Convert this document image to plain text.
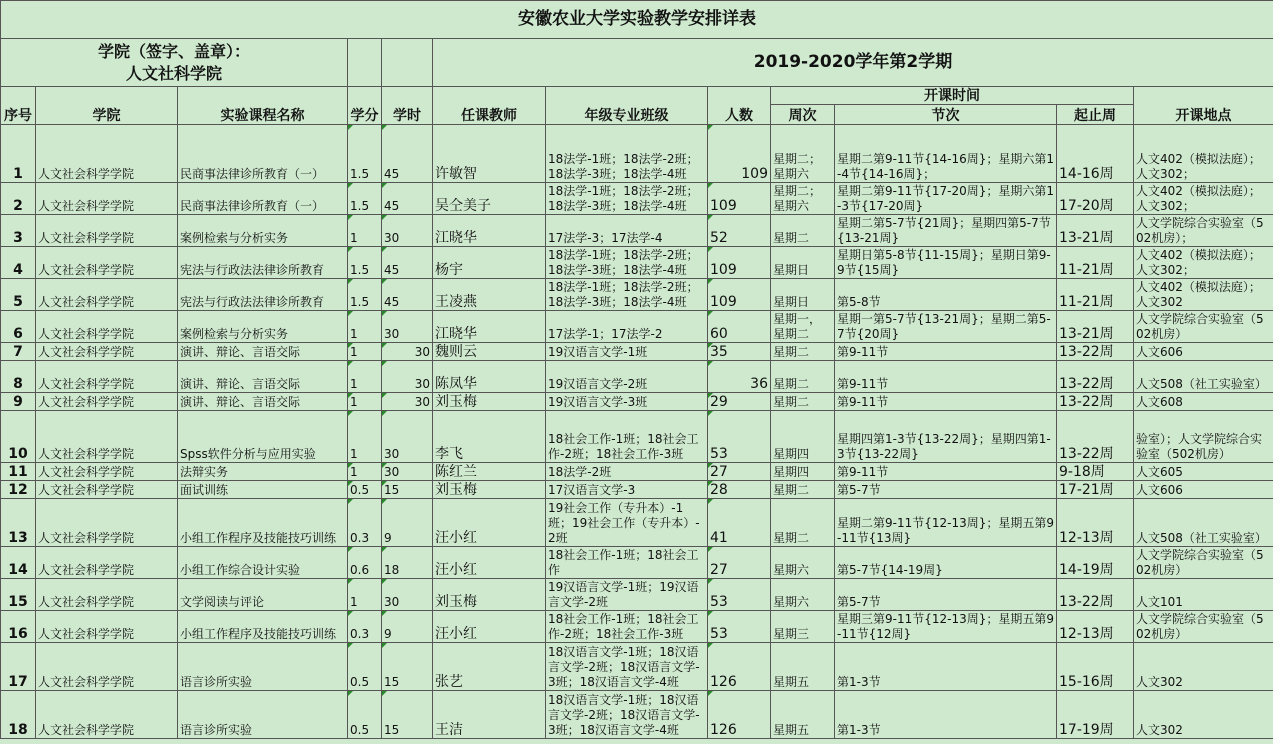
安徽农业大学实验教学安排详表											
学院（签字、盖章）：
人文社科学院					2019-2020学年第2学期						
序号	学院	实验课程名称	学分	学时	任课教师	年级专业班级	人数	开课时间			开课地点
								周次	节次	起止周	
1	人文社会科学学院	民商事法律诊所教育（一）	1.5	45	许敏智	18法学-1班；18法学-2班；18法学-3班；18法学-4班	109	星期二；星期六	星期二第9-11节{14-16周}；星期六第1-4节{14-16周}；	14-16周	人文402（模拟法庭）；人文302；
2	人文社会科学学院	民商事法律诊所教育（一）	1.5	45	吴仝美子	18法学-1班；18法学-2班；18法学-3班；18法学-4班	109	星期二；星期六	星期二第9-11节{17-20周}；星期六第1-3节{17-20周}	17-20周	人文402（模拟法庭）；人文302；
3	人文社会科学学院	案例检索与分析实务	1	30	江晓华	17法学-3；17法学-4	52	星期二	星期二第5-7节{21周}；星期四第5-7节{13-21周}	13-21周	人文学院综合实验室（502机房）；
4	人文社会科学学院	宪法与行政法法律诊所教育	1.5	45	杨宇	18法学-1班；18法学-2班；18法学-3班；18法学-4班	109	星期日	星期日第5-8节{11-15周}；星期日第9-9节{15周}	11-21周	人文402（模拟法庭）；人文302；
5	人文社会科学学院	宪法与行政法法律诊所教育	1.5	45	王凌燕	18法学-1班；18法学-2班；18法学-3班；18法学-4班	109	星期日	第5-8节	11-21周	人文402（模拟法庭）；人文302
6	人文社会科学学院	案例检索与分析实务	1	30	江晓华	17法学-1；17法学-2	60	星期一，星期二	星期一第5-7节{13-21周}；星期二第5-7节{20周}	13-21周	人文学院综合实验室（502机房）
7	人文社会科学学院	演讲、辩论、言语交际	1	30	魏则云	19汉语言文学-1班	35	星期二	第9-11节	13-22周	人文606
8	人文社会科学学院	演讲、辩论、言语交际	1	30	陈凤华	19汉语言文学-2班	36	星期二	第9-11节	13-22周	人文508（社工实验室）
9	人文社会科学学院	演讲、辩论、言语交际	1	30	刘玉梅	19汉语言文学-3班	29	星期二	第9-11节	13-22周	人文608
10	人文社会科学学院	Spss软件分析与应用实验	1	30	李飞	18社会工作-1班；18社会工作-2班；18社会工作-3班	53	星期四	星期四第1-3节{13-22周}；星期四第1-3节{13-22周}	13-22周	验室）；人文学院综合实验室（502机房）
11	人文社会科学学院	法辩实务	1	30	陈红兰	18法学-2班	27	星期四	第9-11节	9-18周	人文605
12	人文社会科学学院	面试训练	0.5	15	刘玉梅	17汉语言文学-3	28	星期二	第5-7节	17-21周	人文606
13	人文社会科学学院	小组工作程序及技能技巧训练	0.3	9	汪小红	19社会工作（专升本）-1班；19社会工作（专升本）-2班	41	星期二	星期二第9-11节{12-13周}；星期五第9-11节{13周}	12-13周	人文508（社工实验室）
14	人文社会科学学院	小组工作综合设计实验	0.6	18	汪小红	18社会工作-1班；18社会工作	27	星期六	第5-7节{14-19周}	14-19周	人文学院综合实验室（502机房）
15	人文社会科学学院	文学阅读与评论	1	30	刘玉梅	19汉语言文学-1班；19汉语言文学-2班	53	星期六	第5-7节	13-22周	人文101
16	人文社会科学学院	小组工作程序及技能技巧训练	0.3	9	汪小红	18社会工作-1班；18社会工作-2班；18社会工作-3班	53	星期三	星期三第9-11节{12-13周}；星期五第9-11节{12周}	12-13周	人文学院综合实验室（502机房）
17	人文社会科学学院	语言诊所实验	0.5	15	张艺	18汉语言文学-1班；18汉语言文学-2班；18汉语言文学-3班；18汉语言文学-4班	126	星期五	第1-3节	15-16周	人文302
18	人文社会科学学院	语言诊所实验	0.5	15	王洁	18汉语言文学-1班；18汉语言文学-2班；18汉语言文学-3班；18汉语言文学-4班	126	星期五	第1-3节	17-19周	人文302
